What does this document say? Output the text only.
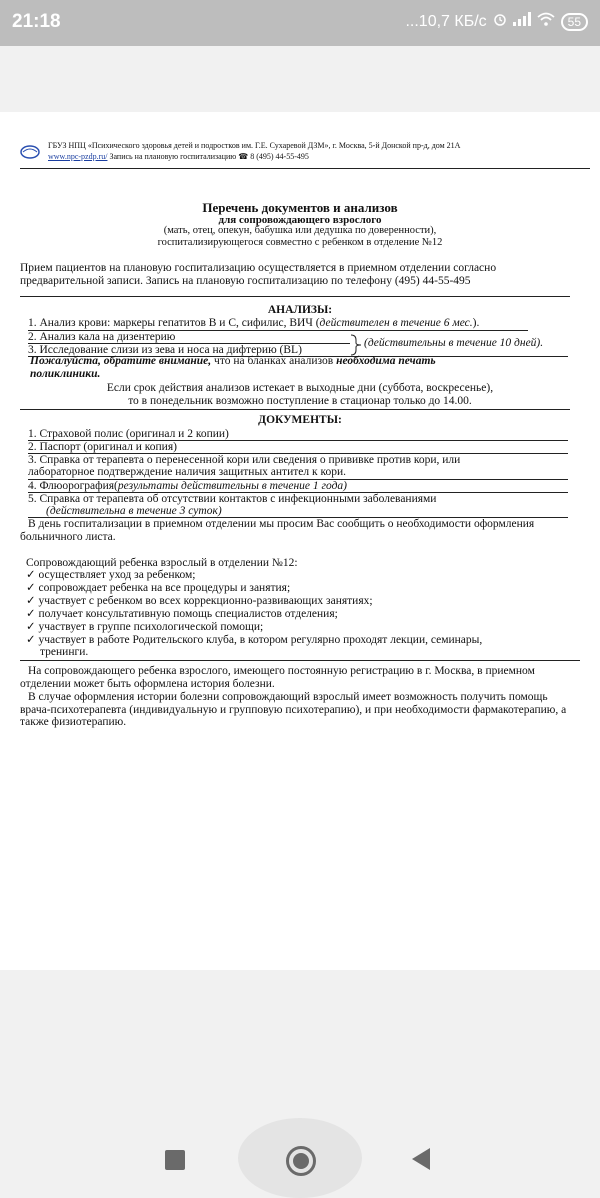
21:18	...10,7 КБ/с	55
ГБУЗ НПЦ «Психического здоровья детей и подростков им. Г.Е. Сухаревой ДЗМ», г. Москва, 5-й Донской пр-д, дом 21А
www.npc-pzdp.ru/ Запись на плановую госпитализацию ☎ 8 (495) 44-55-495
Перечень документов и анализов
для сопровождающего взрослого
(мать, отец, опекун, бабушка или дедушка по доверенности),
госпитализирующегося совместно с ребенком в отделение №12
Прием пациентов на плановую госпитализацию осуществляется в приемном отделении согласно предварительной записи. Запись на плановую госпитализацию по телефону (495) 44-55-495
АНАЛИЗЫ:
1. Анализ крови: маркеры гепатитов В и С, сифилис, ВИЧ (действителен в течение 6 мес.).
2. Анализ кала на дизентерию
3. Исследование слизи из зева и носа на дифтерию (BL)
(действительны в течение 10 дней).
Пожалуйста, обратите внимание, что на бланках анализов необходима печать
поликлиники.
Если срок действия анализов истекает в выходные дни (суббота, воскресенье),
то в понедельник возможно поступление в стационар только до 14.00.
ДОКУМЕНТЫ:
1. Страховой полис (оригинал и 2 копии)
2. Паспорт (оригинал и копия)
3. Справка от терапевта о перенесенной кори или сведения о прививке против кори, или
лабораторное подтверждение наличия защитных антител к кори.
4. Флюорография(результаты действительны в течение 1 года)
5. Справка от терапевта об отсутствии контактов с инфекционными заболеваниями
(действительна в течение 3 суток)
В день госпитализации в приемном отделении мы просим Вас сообщить о необходимости оформления больничного листа.
Сопровождающий ребенка взрослый в отделении №12:
✓ осуществляет уход за ребенком;
✓ сопровождает ребенка на все процедуры и занятия;
✓ участвует с ребенком во всех коррекционно-развивающих занятиях;
✓ получает консультативную помощь специалистов отделения;
✓ участвует в группе психологической помощи;
✓ участвует в работе Родительского клуба, в котором регулярно проходят лекции, семинары,
тренинги.
На сопровождающего ребенка взрослого, имеющего постоянную регистрацию в г. Москва, в приемном отделении может быть оформлена история болезни.
В случае оформления истории болезни сопровождающий взрослый имеет возможность получить помощь врача-психотерапевта (индивидуальную и групповую психотерапию), и при необходимости фармакотерапию, а также физиотерапию.
